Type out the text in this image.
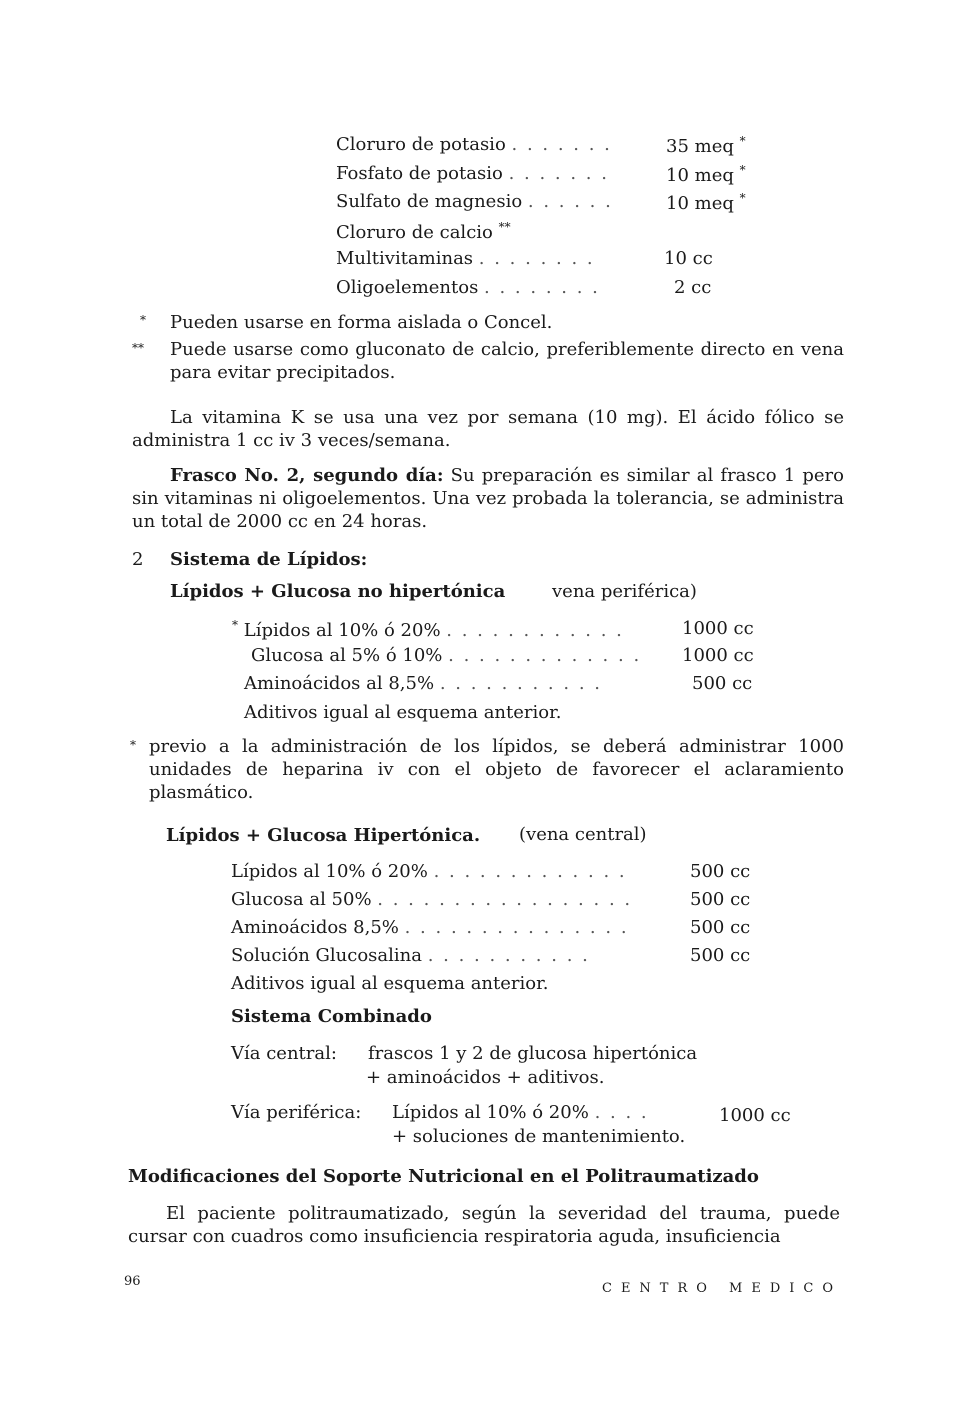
Cloruro de potasio . . . . . . .	35 meq *
Fosfato de potasio . . . . . . .	10 meq *
Sulfato de magnesio . . . . . .	10 meq *
Cloruro de calcio **
Multivitaminas . . . . . . . .	10 cc
Oligoelementos . . . . . . . .	2 cc
* Pueden usarse en forma aislada o Concel.
** Puede usarse como gluconato de calcio, preferiblemente directo en vena para evitar precipitados.
La vitamina K se usa una vez por semana (10 mg). El ácido fólico se administra 1 cc iv 3 veces/semana.
Frasco No. 2, segundo día: Su preparación es similar al frasco 1 pero sin vitaminas ni oligoelementos. Una vez probada la tolerancia, se administra un total de 2000 cc en 24 horas.
2 Sistema de Lípidos:
Lípidos + Glucosa no hipertónica	vena periférica)
* Lípidos al 10% ó 20% . . . . . . . . . . . .	1000 cc
Glucosa al 5% ó 10% . . . . . . . . . . . . . 1000 cc
Aminoácidos al 8,5% . . . . . . . . . . .	500 cc
Aditivos igual al esquema anterior.
* previo a la administración de los lípidos, se deberá administrar 1000 unidades de heparina iv con el objeto de favorecer el aclaramiento plasmático.
Lípidos + Glucosa Hipertónica. (vena central)
Lípidos al 10% ó 20% . . . . . . . . . . . . .	500 cc
Glucosa al 50% . . . . . . . . . . . . . . . . .	500 cc
Aminoácidos 8,5% . . . . . . . . . . . . . . .	500 cc
Solución Glucosalina . . . . . . . . . . .	500 cc
Aditivos igual al esquema anterior.
Sistema Combinado
Vía central: frascos 1 y 2 de glucosa hipertónica
+ aminoácidos + aditivos.
Vía periférica: Lípidos al 10% ó 20% . . . .	1000 cc
+ soluciones de mantenimiento.
Modificaciones del Soporte Nutricional en el Politraumatizado
El paciente politraumatizado, según la severidad del trauma, puede cursar con cuadros como insuficiencia respiratoria aguda, insuficiencia
96	CENTRO MEDICO
